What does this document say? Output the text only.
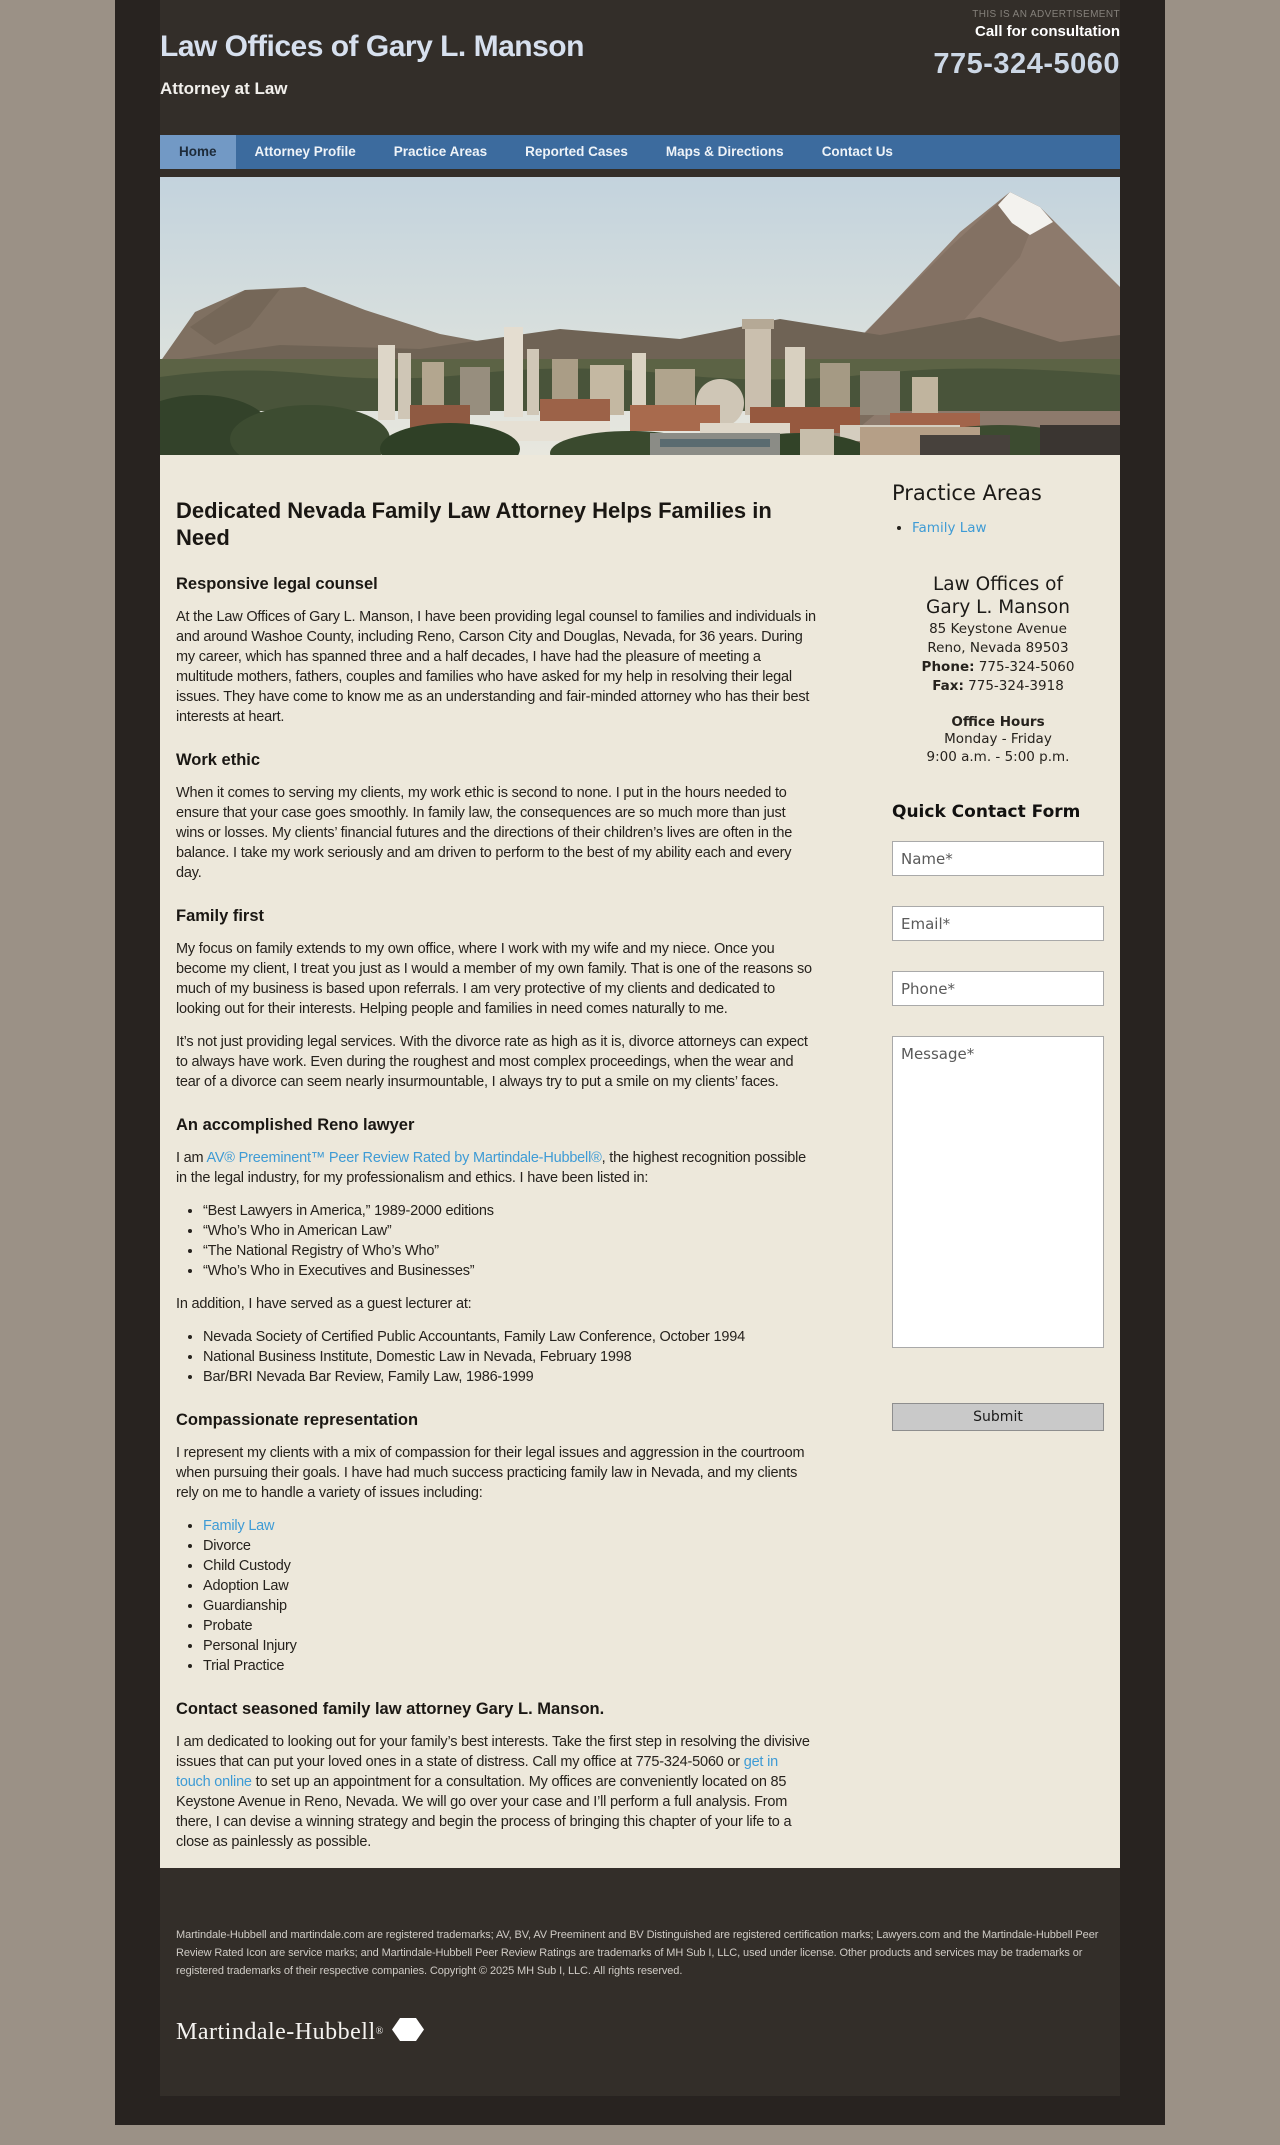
Law Offices of Gary L. Manson
Attorney at Law
THIS IS AN ADVERTISEMENT
Call for consultation
775-324-5060
Home	Attorney Profile	Practice Areas	Reported Cases	Maps & Directions	Contact Us
Dedicated Nevada Family Law Attorney Helps Families in Need
Responsive legal counsel

At the Law Offices of Gary L. Manson, I have been providing legal counsel to families and individuals in and around Washoe County, including Reno, Carson City and Douglas, Nevada, for 36 years. During my career, which has spanned three and a half decades, I have had the pleasure of meeting a multitude mothers, fathers, couples and families who have asked for my help in resolving their legal issues. They have come to know me as an understanding and fair-minded attorney who has their best interests at heart.

Work ethic

When it comes to serving my clients, my work ethic is second to none. I put in the hours needed to ensure that your case goes smoothly. In family law, the consequences are so much more than just wins or losses. My clients’ financial futures and the directions of their children’s lives are often in the balance. I take my work seriously and am driven to perform to the best of my ability each and every day.

Family first

My focus on family extends to my own office, where I work with my wife and my niece. Once you become my client, I treat you just as I would a member of my own family. That is one of the reasons so much of my business is based upon referrals. I am very protective of my clients and dedicated to looking out for their interests. Helping people and families in need comes naturally to me.

It’s not just providing legal services. With the divorce rate as high as it is, divorce attorneys can expect to always have work. Even during the roughest and most complex proceedings, when the wear and tear of a divorce can seem nearly insurmountable, I always try to put a smile on my clients’ faces.

An accomplished Reno lawyer

I am AV® Preeminent™ Peer Review Rated by Martindale-Hubbell®, the highest recognition possible in the legal industry, for my professionalism and ethics. I have been listed in:

• “Best Lawyers in America,” 1989-2000 editions
• “Who’s Who in American Law”
• “The National Registry of Who’s Who”
• “Who’s Who in Executives and Businesses”

In addition, I have served as a guest lecturer at:

• Nevada Society of Certified Public Accountants, Family Law Conference, October 1994
• National Business Institute, Domestic Law in Nevada, February 1998
• Bar/BRI Nevada Bar Review, Family Law, 1986-1999
Compassionate representation

I represent my clients with a mix of compassion for their legal issues and aggression in the courtroom when pursuing their goals. I have had much success practicing family law in Nevada, and my clients rely on me to handle a variety of issues including:

• Family Law
• Divorce
• Child Custody
• Adoption Law
• Guardianship
• Probate
• Personal Injury
• Trial Practice
Contact seasoned family law attorney Gary L. Manson.

I am dedicated to looking out for your family’s best interests. Take the first step in resolving the divisive issues that can put your loved ones in a state of distress. Call my office at 775-324-5060 or get in touch online to set up an appointment for a consultation. My offices are conveniently located on 85 Keystone Avenue in Reno, Nevada. We will go over your case and I’ll perform a full analysis. From there, I can devise a winning strategy and begin the process of bringing this chapter of your life to a close as painlessly as possible.

Practice Areas
• Family Law
Law Offices of
Gary L. Manson
85 Keystone Avenue
Reno, Nevada 89503
Phone: 775-324-5060
Fax: 775-324-3918
Office Hours
Monday - Friday
9:00 a.m. - 5:00 p.m.
Quick Contact Form
Name*
Email*
Phone*
Message*
Submit

Martindale-Hubbell and martindale.com are registered trademarks; AV, BV, AV Preeminent and BV Distinguished are registered certification marks; Lawyers.com and the Martindale-Hubbell Peer Review Rated Icon are service marks; and Martindale-Hubbell Peer Review Ratings are trademarks of MH Sub I, LLC, used under license. Other products and services may be trademarks or registered trademarks of their respective companies. Copyright © 2025 MH Sub I, LLC. All rights reserved.

Martindale-Hubbell ®
